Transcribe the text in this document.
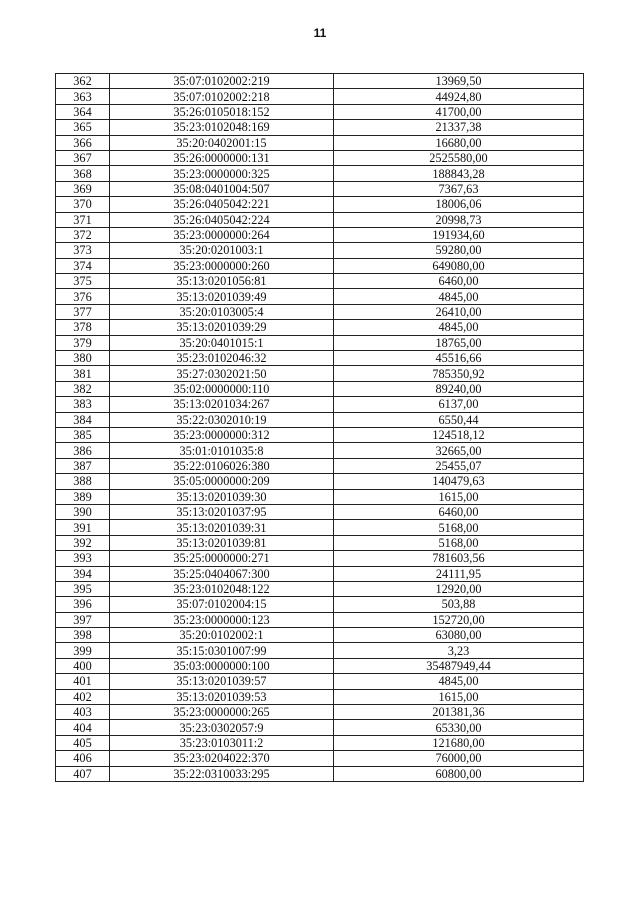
11
362	35:07:0102002:219	13969,50
363	35:07:0102002:218	44924,80
364	35:26:0105018:152	41700,00
365	35:23:0102048:169	21337,38
366	35:20:0402001:15	16680,00
367	35:26:0000000:131	2525580,00
368	35:23:0000000:325	188843,28
369	35:08:0401004:507	7367,63
370	35:26:0405042:221	18006,06
371	35:26:0405042:224	20998,73
372	35:23:0000000:264	191934,60
373	35:20:0201003:1	59280,00
374	35:23:0000000:260	649080,00
375	35:13:0201056:81	6460,00
376	35:13:0201039:49	4845,00
377	35:20:0103005:4	26410,00
378	35:13:0201039:29	4845,00
379	35:20:0401015:1	18765,00
380	35:23:0102046:32	45516,66
381	35:27:0302021:50	785350,92
382	35:02:0000000:110	89240,00
383	35:13:0201034:267	6137,00
384	35:22:0302010:19	6550,44
385	35:23:0000000:312	124518,12
386	35:01:0101035:8	32665,00
387	35:22:0106026:380	25455,07
388	35:05:0000000:209	140479,63
389	35:13:0201039:30	1615,00
390	35:13:0201037:95	6460,00
391	35:13:0201039:31	5168,00
392	35:13:0201039:81	5168,00
393	35:25:0000000:271	781603,56
394	35:25:0404067:300	24111,95
395	35:23:0102048:122	12920,00
396	35:07:0102004:15	503,88
397	35:23:0000000:123	152720,00
398	35:20:0102002:1	63080,00
399	35:15:0301007:99	3,23
400	35:03:0000000:100	35487949,44
401	35:13:0201039:57	4845,00
402	35:13:0201039:53	1615,00
403	35:23:0000000:265	201381,36
404	35:23:0302057:9	65330,00
405	35:23:0103011:2	121680,00
406	35:23:0204022:370	76000,00
407	35:22:0310033:295	60800,00
